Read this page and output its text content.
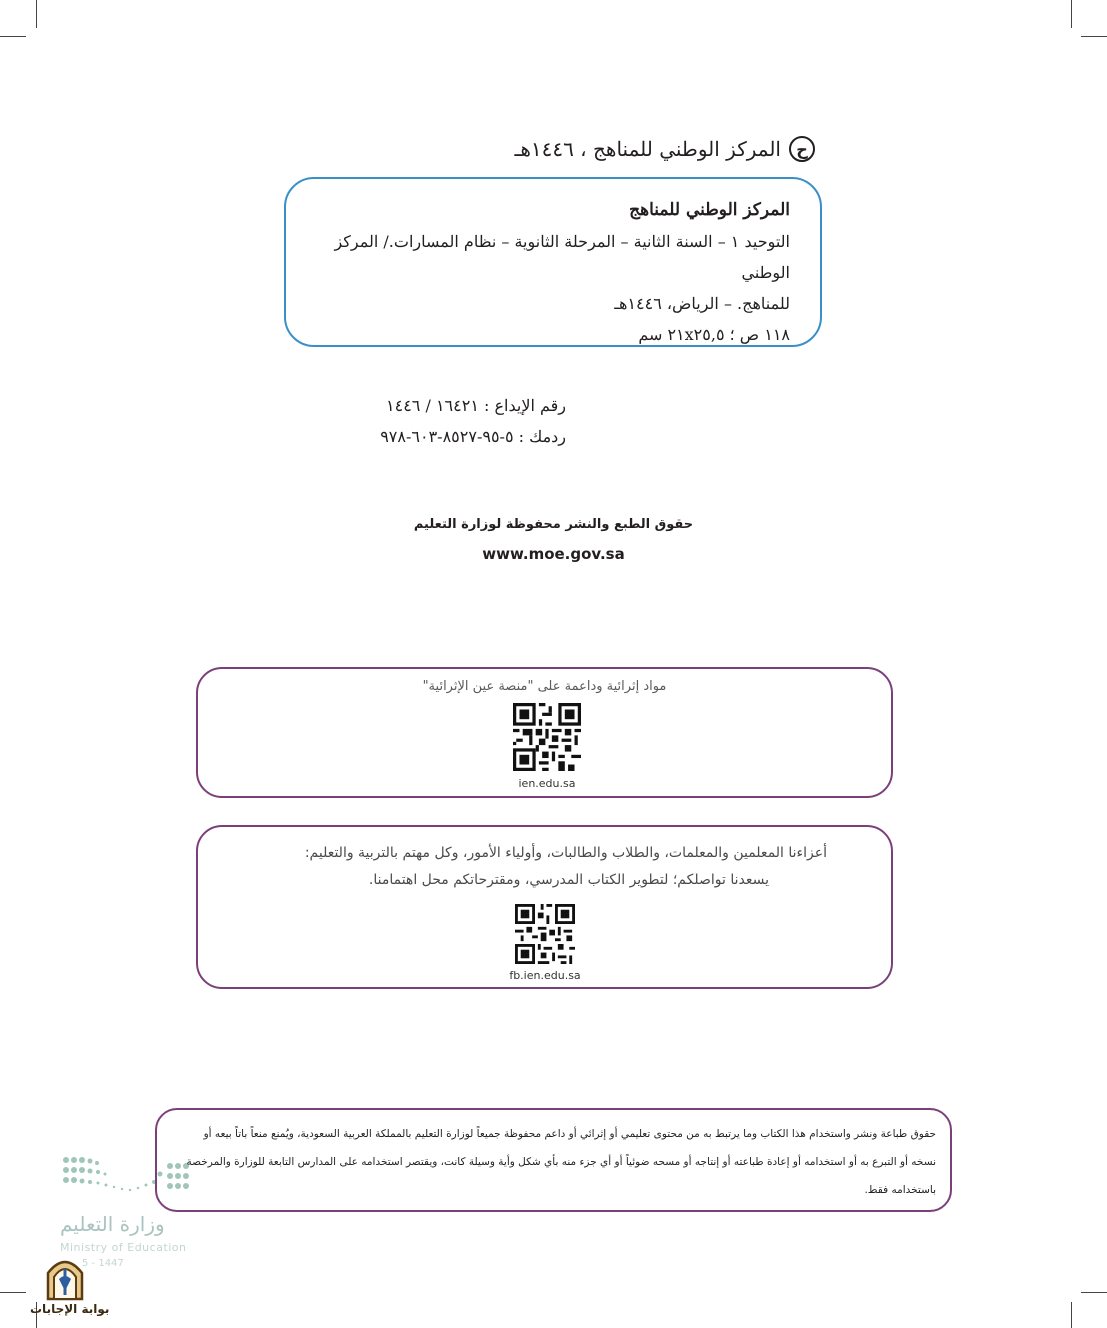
ح
المركز الوطني للمناهج ، ١٤٤٦هـ

المركز الوطني للمناهج

التوحيد ١ – السنة الثانية – المرحلة الثانوية – نظام المسارات./ المركز الوطني

للمناهج. – الرياض، ١٤٤٦هـ

١١٨ ص ؛ ٢١x٢٥,٥ سم

رقم الإيداع : ١٦٤٢١ / ١٤٤٦

ردمك : ٥-٩٥-٨٥٢٧-٦٠٣-٩٧٨

حقوق الطبع والنشر محفوظة لوزارة التعليم

www.moe.gov.sa

مواد إثرائية وداعمة على "منصة عين الإثرائية"
ien.edu.sa

أعزاءنا المعلمين والمعلمات، والطلاب والطالبات، وأولياء الأمور، وكل مهتم بالتربية والتعليم:

يسعدنا تواصلكم؛ لتطوير الكتاب المدرسي، ومقترحاتكم محل اهتمامنا.

fb.ien.edu.sa
وزارة التعليم
Ministry of Education
5 - 1447

حقوق طباعة ونشر واستخدام هذا الكتاب وما يرتبط به من محتوى تعليمي أو إثرائي أو داعم محفوظة جميعاً لوزارة التعليم بالمملكة العربية السعودية، ويُمنع منعاً باتاً بيعه أو

نسخه أو التبرع به أو استخدامه أو إعادة طباعته أو إنتاجه أو مسحه ضوئياً أو أي جزء منه بأي شكل وأية وسيلة كانت، ويقتصر استخدامه على المدارس التابعة للوزارة والمرخصة

باستخدامه فقط.

بوابة الإجابات
